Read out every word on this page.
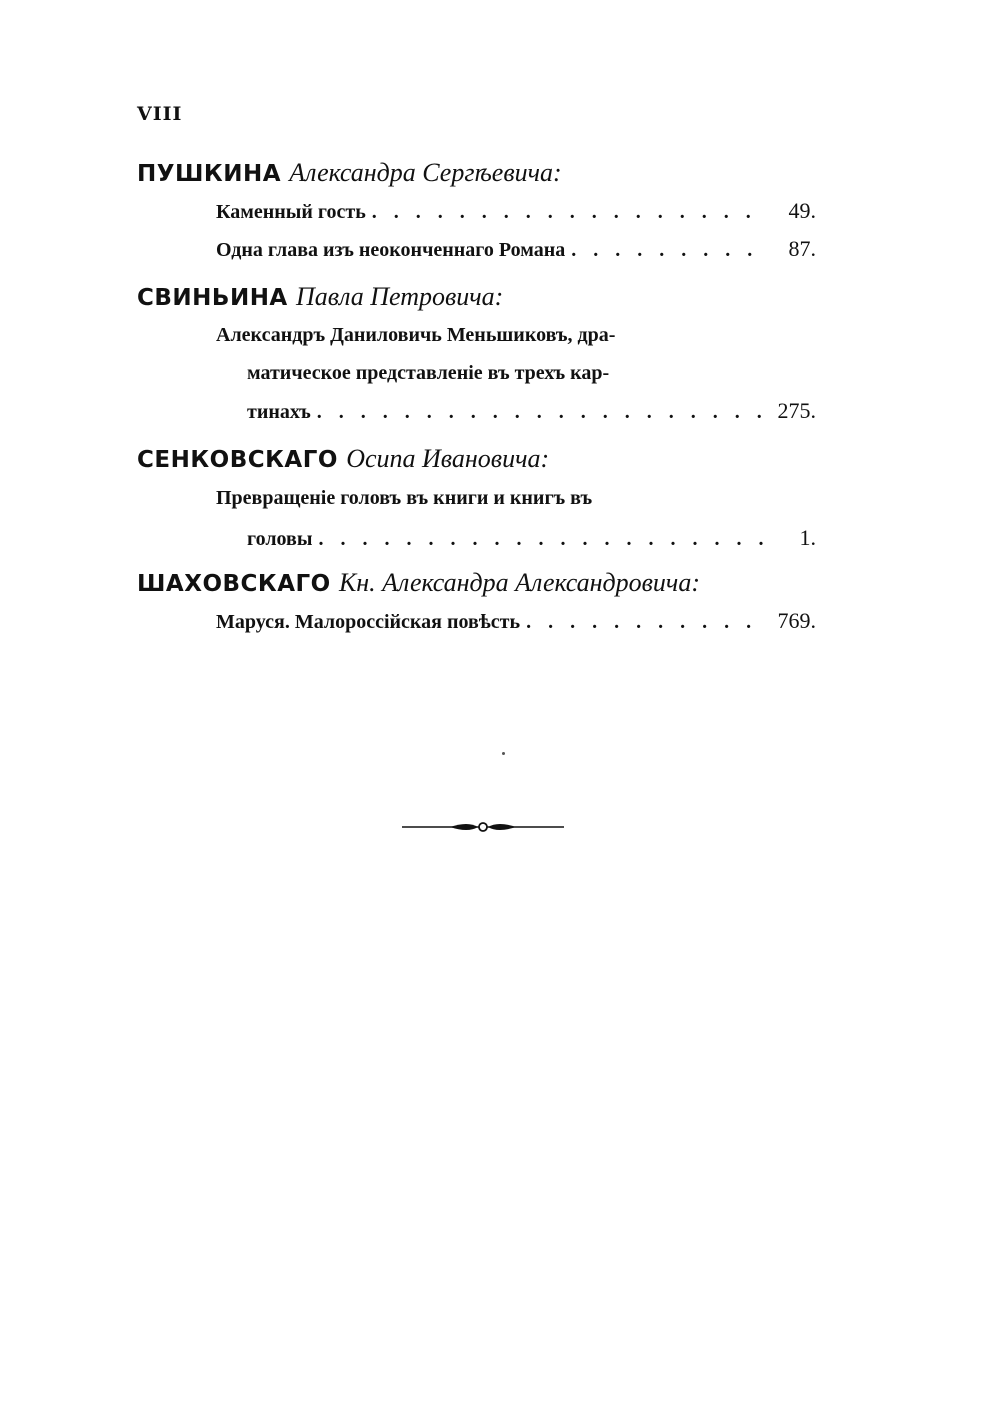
VIII
ПУШКИНА Александра Сергѣевича:
Каменный гость . . .	49.
Одна глава изъ неоконченнаго Романа . . .	87.
СВИНЬИНА Павла Петровича:
Александръ Даниловичь Меньшиковъ, дра-
матическое представленіе въ трехъ кар-
тинахъ . . .	275.
СЕНКОВСКАГО Осипа Ивановича:
Превращеніе головъ въ книги и книгъ въ
головы . . .	1.
ШАХОВСКАГО Кн. Александра Александровича:
Маруся. Малороссійская повѣсть . . .	769.
